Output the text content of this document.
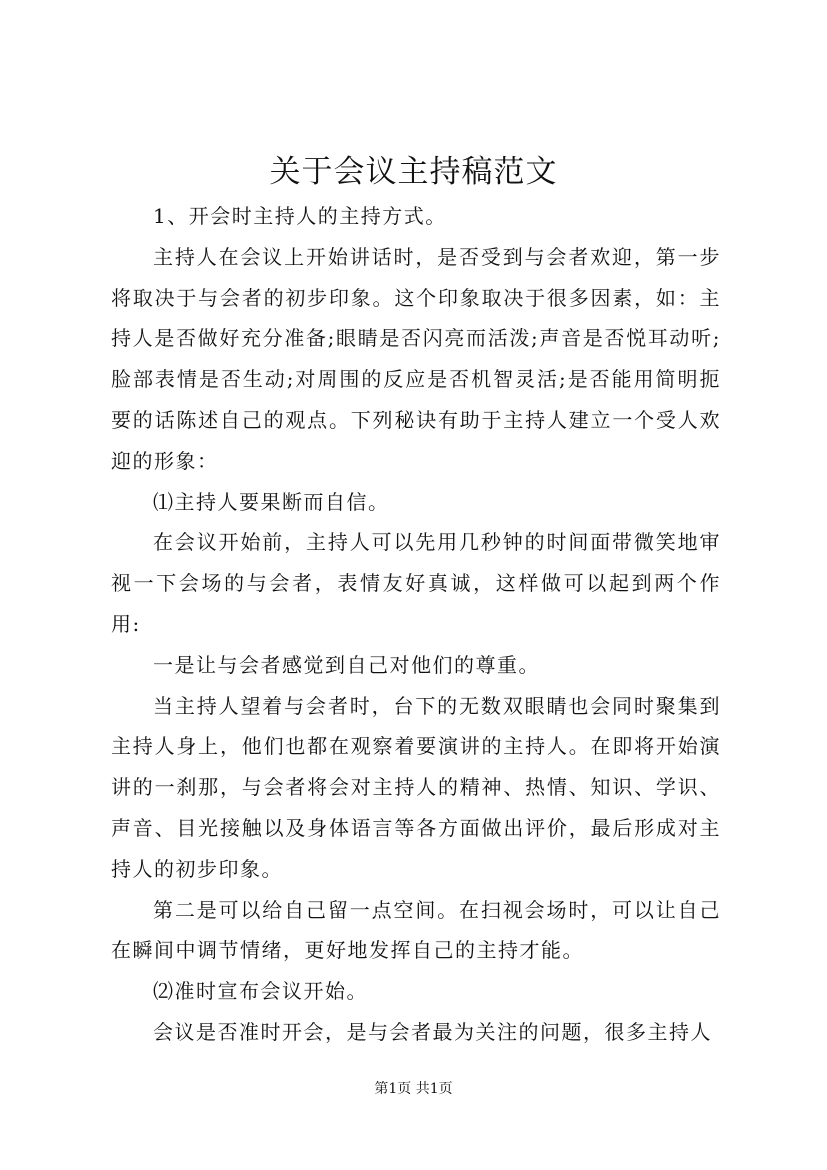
关于会议主持稿范文

1、开会时主持人的主持方式。

主持人在会议上开始讲话时，是否受到与会者欢迎，第一步将取决于与会者的初步印象。这个印象取决于很多因素，如：主持人是否做好充分准备;眼睛是否闪亮而活泼;声音是否悦耳动听;脸部表情是否生动;对周围的反应是否机智灵活;是否能用简明扼要的话陈述自己的观点。下列秘诀有助于主持人建立一个受人欢迎的形象：

⑴主持人要果断而自信。

在会议开始前，主持人可以先用几秒钟的时间面带微笑地审视一下会场的与会者，表情友好真诚，这样做可以起到两个作用:

一是让与会者感觉到自己对他们的尊重。

当主持人望着与会者时，台下的无数双眼睛也会同时聚集到主持人身上，他们也都在观察着要演讲的主持人。在即将开始演讲的一刹那，与会者将会对主持人的精神、热情、知识、学识、声音、目光接触以及身体语言等各方面做出评价，最后形成对主持人的初步印象。

第二是可以给自己留一点空间。在扫视会场时，可以让自己在瞬间中调节情绪，更好地发挥自己的主持才能。

⑵准时宣布会议开始。

会议是否准时开会，是与会者最为关注的问题，很多主持人

第1页 共1页
